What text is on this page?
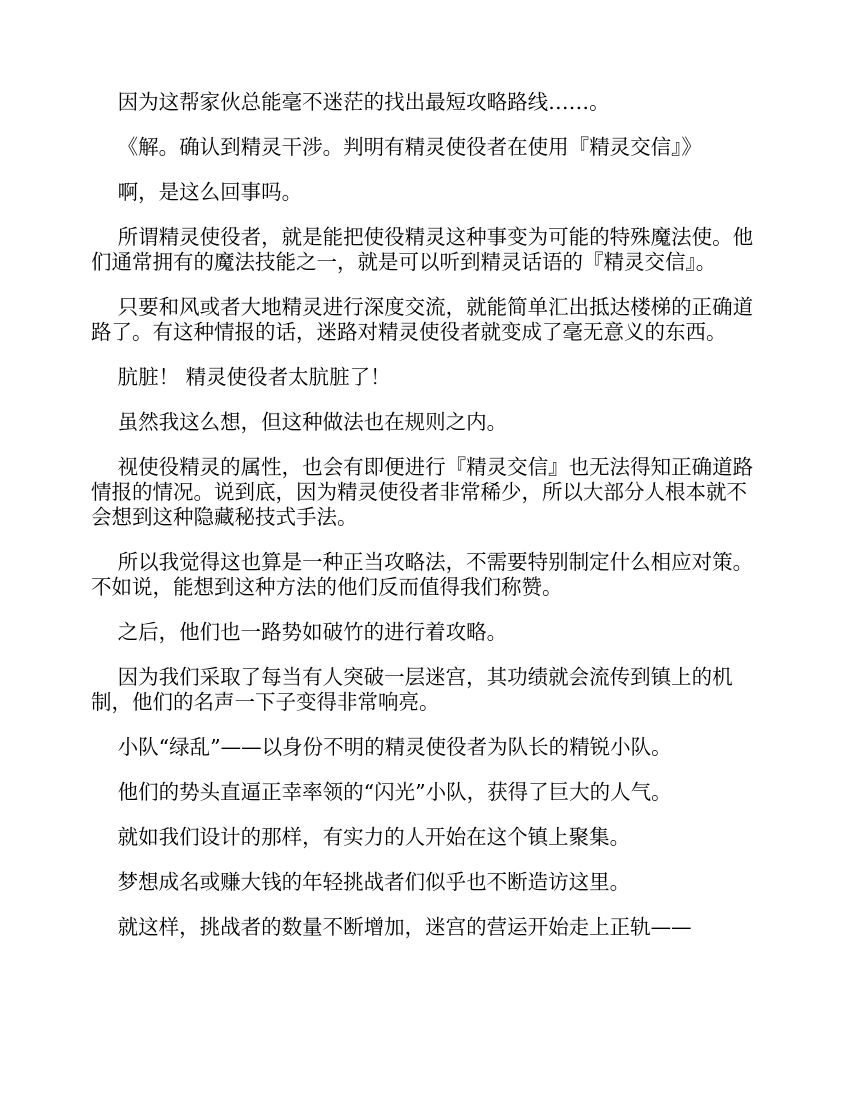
因为这帮家伙总能毫不迷茫的找出最短攻略路线……。

《解。确认到精灵干涉。判明有精灵使役者在使用『精灵交信』》

啊，是这么回事吗。

所谓精灵使役者，就是能把使役精灵这种事变为可能的特殊魔法使。他们通常拥有的魔法技能之一，就是可以听到精灵话语的『精灵交信』。

只要和风或者大地精灵进行深度交流，就能简单汇出抵达楼梯的正确道路了。有这种情报的话，迷路对精灵使役者就变成了毫无意义的东西。

肮脏！ 精灵使役者太肮脏了！

虽然我这么想，但这种做法也在规则之内。

视使役精灵的属性，也会有即便进行『精灵交信』也无法得知正确道路情报的情况。说到底，因为精灵使役者非常稀少，所以大部分人根本就不会想到这种隐藏秘技式手法。

所以我觉得这也算是一种正当攻略法，不需要特别制定什么相应对策。不如说，能想到这种方法的他们反而值得我们称赞。

之后，他们也一路势如破竹的进行着攻略。

因为我们采取了每当有人突破一层迷宫，其功绩就会流传到镇上的机制，他们的名声一下子变得非常响亮。

小队“绿乱”——以身份不明的精灵使役者为队长的精锐小队。

他们的势头直逼正幸率领的“闪光”小队，获得了巨大的人气。

就如我们设计的那样，有实力的人开始在这个镇上聚集。

梦想成名或赚大钱的年轻挑战者们似乎也不断造访这里。

就这样，挑战者的数量不断增加，迷宫的营运开始走上正轨——
